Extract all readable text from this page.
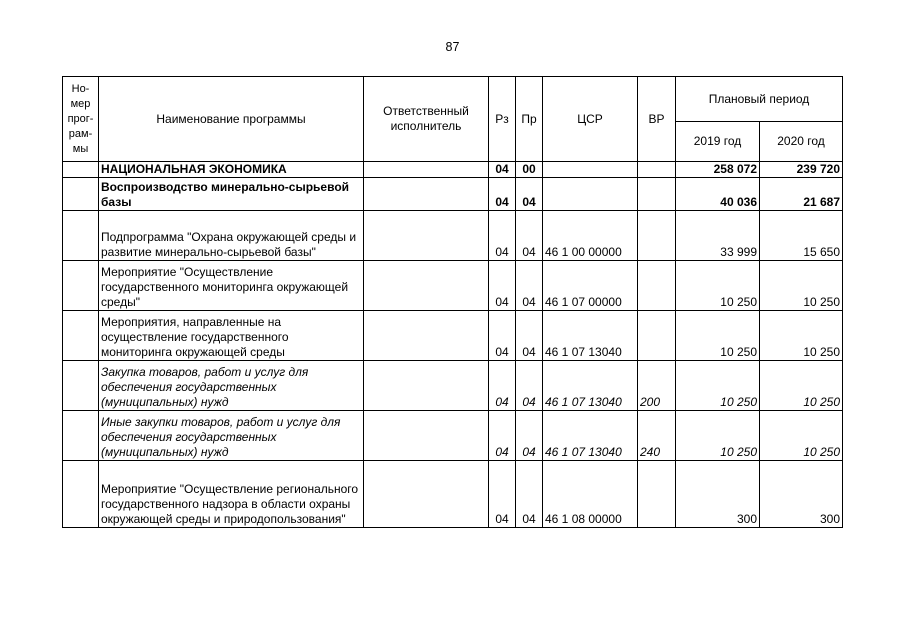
87
Но-
мер
прог-
рам-
мы	Наименование программы	Ответственный исполнитель	Рз	Пр	ЦСР	ВР	Плановый период	
							2019 год	2020 год
	НАЦИОНАЛЬНАЯ ЭКОНОМИКА		04	00			258 072	239 720
	Воспроизводство минерально-сырьевой базы		04	04			40 036	21 687
	Подпрограмма "Охрана окружающей среды и развитие минерально-сырьевой базы"		04	04	46 1 00 00000		33 999	15 650
	Мероприятие "Осуществление государственного мониторинга окружающей среды"		04	04	46 1 07 00000		10 250	10 250
	Мероприятия, направленные на осуществление государственного мониторинга окружающей среды		04	04	46 1 07 13040		10 250	10 250
	Закупка товаров, работ и услуг для обеспечения государственных (муниципальных) нужд		04	04	46 1 07 13040	200	10 250	10 250
	Иные закупки товаров, работ и услуг для обеспечения государственных (муниципальных) нужд		04	04	46 1 07 13040	240	10 250	10 250
	Мероприятие "Осуществление регионального государственного надзора в области охраны окружающей среды и природопользования"		04	04	46 1 08 00000		300	300
